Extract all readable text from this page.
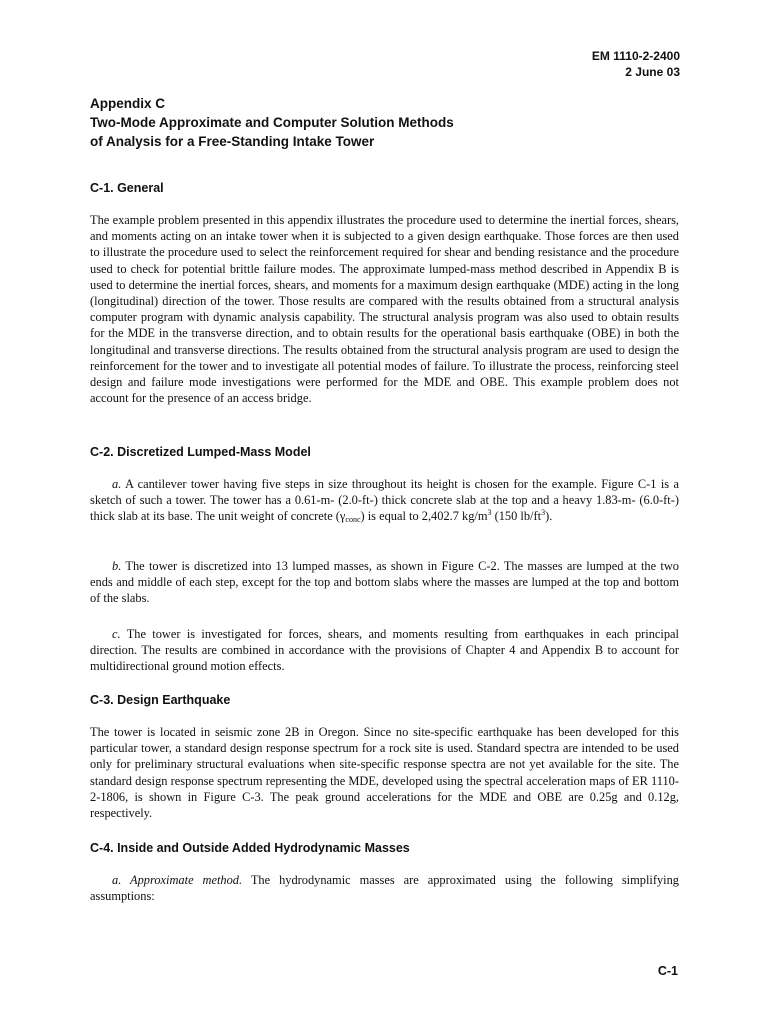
EM 1110-2-2400
2 June 03
Appendix C
Two-Mode Approximate and Computer Solution Methods
of Analysis for a Free-Standing Intake Tower
C-1. General

The example problem presented in this appendix illustrates the procedure used to determine the inertial forces, shears, and moments acting on an intake tower when it is subjected to a given design earthquake. Those forces are then used to illustrate the procedure used to select the reinforcement required for shear and bending resistance and the procedure used to check for potential brittle failure modes. The approximate lumped-mass method described in Appendix B is used to determine the inertial forces, shears, and moments for a maximum design earthquake (MDE) acting in the long (longitudinal) direction of the tower. Those results are compared with the results obtained from a structural analysis computer program with dynamic analysis capability. The structural analysis program was also used to obtain results for the MDE in the transverse direction, and to obtain results for the operational basis earthquake (OBE) in both the longitudinal and transverse directions. The results obtained from the structural analysis program are used to design the reinforcement for the tower and to investigate all potential modes of failure. To illustrate the process, reinforcing steel design and failure mode investigations were performed for the MDE and OBE. This example problem does not account for the presence of an access bridge.

C-2. Discretized Lumped-Mass Model

a. A cantilever tower having five steps in size throughout its height is chosen for the example. Figure C-1 is a sketch of such a tower. The tower has a 0.61-m- (2.0-ft-) thick concrete slab at the top and a heavy 1.83-m- (6.0-ft-) thick slab at its base. The unit weight of concrete $(\gamma_{conc})$ is equal to 2,402.7 $kg/m^3$ (150 $lb/ft^3$).

b. The tower is discretized into 13 lumped masses, as shown in Figure C-2. The masses are lumped at the two ends and middle of each step, except for the top and bottom slabs where the masses are lumped at the top and bottom of the slabs.

c. The tower is investigated for forces, shears, and moments resulting from earthquakes in each principal direction. The results are combined in accordance with the provisions of Chapter 4 and Appendix B to account for multidirectional ground motion effects.

C-3. Design Earthquake

The tower is located in seismic zone 2B in Oregon. Since no site-specific earthquake has been developed for this particular tower, a standard design response spectrum for a rock site is used. Standard spectra are intended to be used only for preliminary structural evaluations when site-specific response spectra are not yet available for the site. The standard design response spectrum representing the MDE, developed using the spectral acceleration maps of ER 1110-2-1806, is shown in Figure C-3. The peak ground accelerations for the MDE and OBE are 0.25g and 0.12g, respectively.

C-4. Inside and Outside Added Hydrodynamic Masses

a. Approximate method. The hydrodynamic masses are approximated using the following simplifying assumptions:

C-1
